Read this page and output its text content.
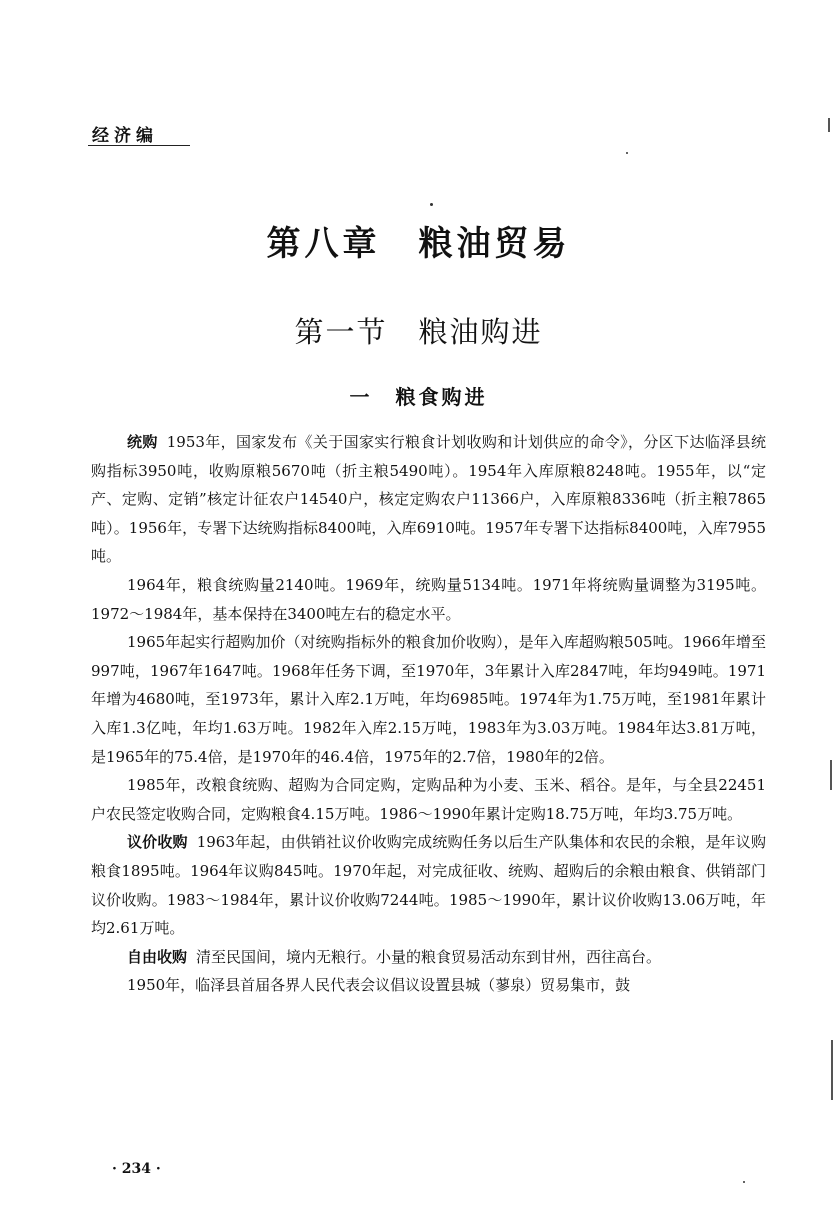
经济编
第八章　粮油贸易
第一节　粮油购进
一　粮食购进

统购 1953年，国家发布《关于国家实行粮食计划收购和计划供应的命令》，分区下达临泽县统购指标3950吨，收购原粮5670吨（折主粮5490吨）。1954年入库原粮8248吨。1955年，以“定产、定购、定销”核定计征农户14540户，核定定购农户11366户，入库原粮8336吨（折主粮7865吨）。1956年，专署下达统购指标8400吨，入库6910吨。1957年专署下达指标8400吨，入库7955吨。

1964年，粮食统购量2140吨。1969年，统购量5134吨。1971年将统购量调整为3195吨。1972～1984年，基本保持在3400吨左右的稳定水平。

1965年起实行超购加价（对统购指标外的粮食加价收购），是年入库超购粮505吨。1966年增至997吨，1967年1647吨。1968年任务下调，至1970年，3年累计入库2847吨，年均949吨。1971年增为4680吨，至1973年，累计入库2.1万吨，年均6985吨。1974年为1.75万吨，至1981年累计入库1.3亿吨，年均1.63万吨。1982年入库2.15万吨，1983年为3.03万吨。1984年达3.81万吨，是1965年的75.4倍，是1970年的46.4倍，1975年的2.7倍，1980年的2倍。

1985年，改粮食统购、超购为合同定购，定购品种为小麦、玉米、稻谷。是年，与全县22451户农民签定收购合同，定购粮食4.15万吨。1986～1990年累计定购18.75万吨，年均3.75万吨。

议价收购 1963年起，由供销社议价收购完成统购任务以后生产队集体和农民的余粮，是年议购粮食1895吨。1964年议购845吨。1970年起，对完成征收、统购、超购后的余粮由粮食、供销部门议价收购。1983～1984年，累计议价收购7244吨。1985～1990年，累计议价收购13.06万吨，年均2.61万吨。

自由收购 清至民国间，境内无粮行。小量的粮食贸易活动东到甘州，西往高台。

1950年，临泽县首届各界人民代表会议倡议设置县城（蓼泉）贸易集市，鼓

· 234 ·
